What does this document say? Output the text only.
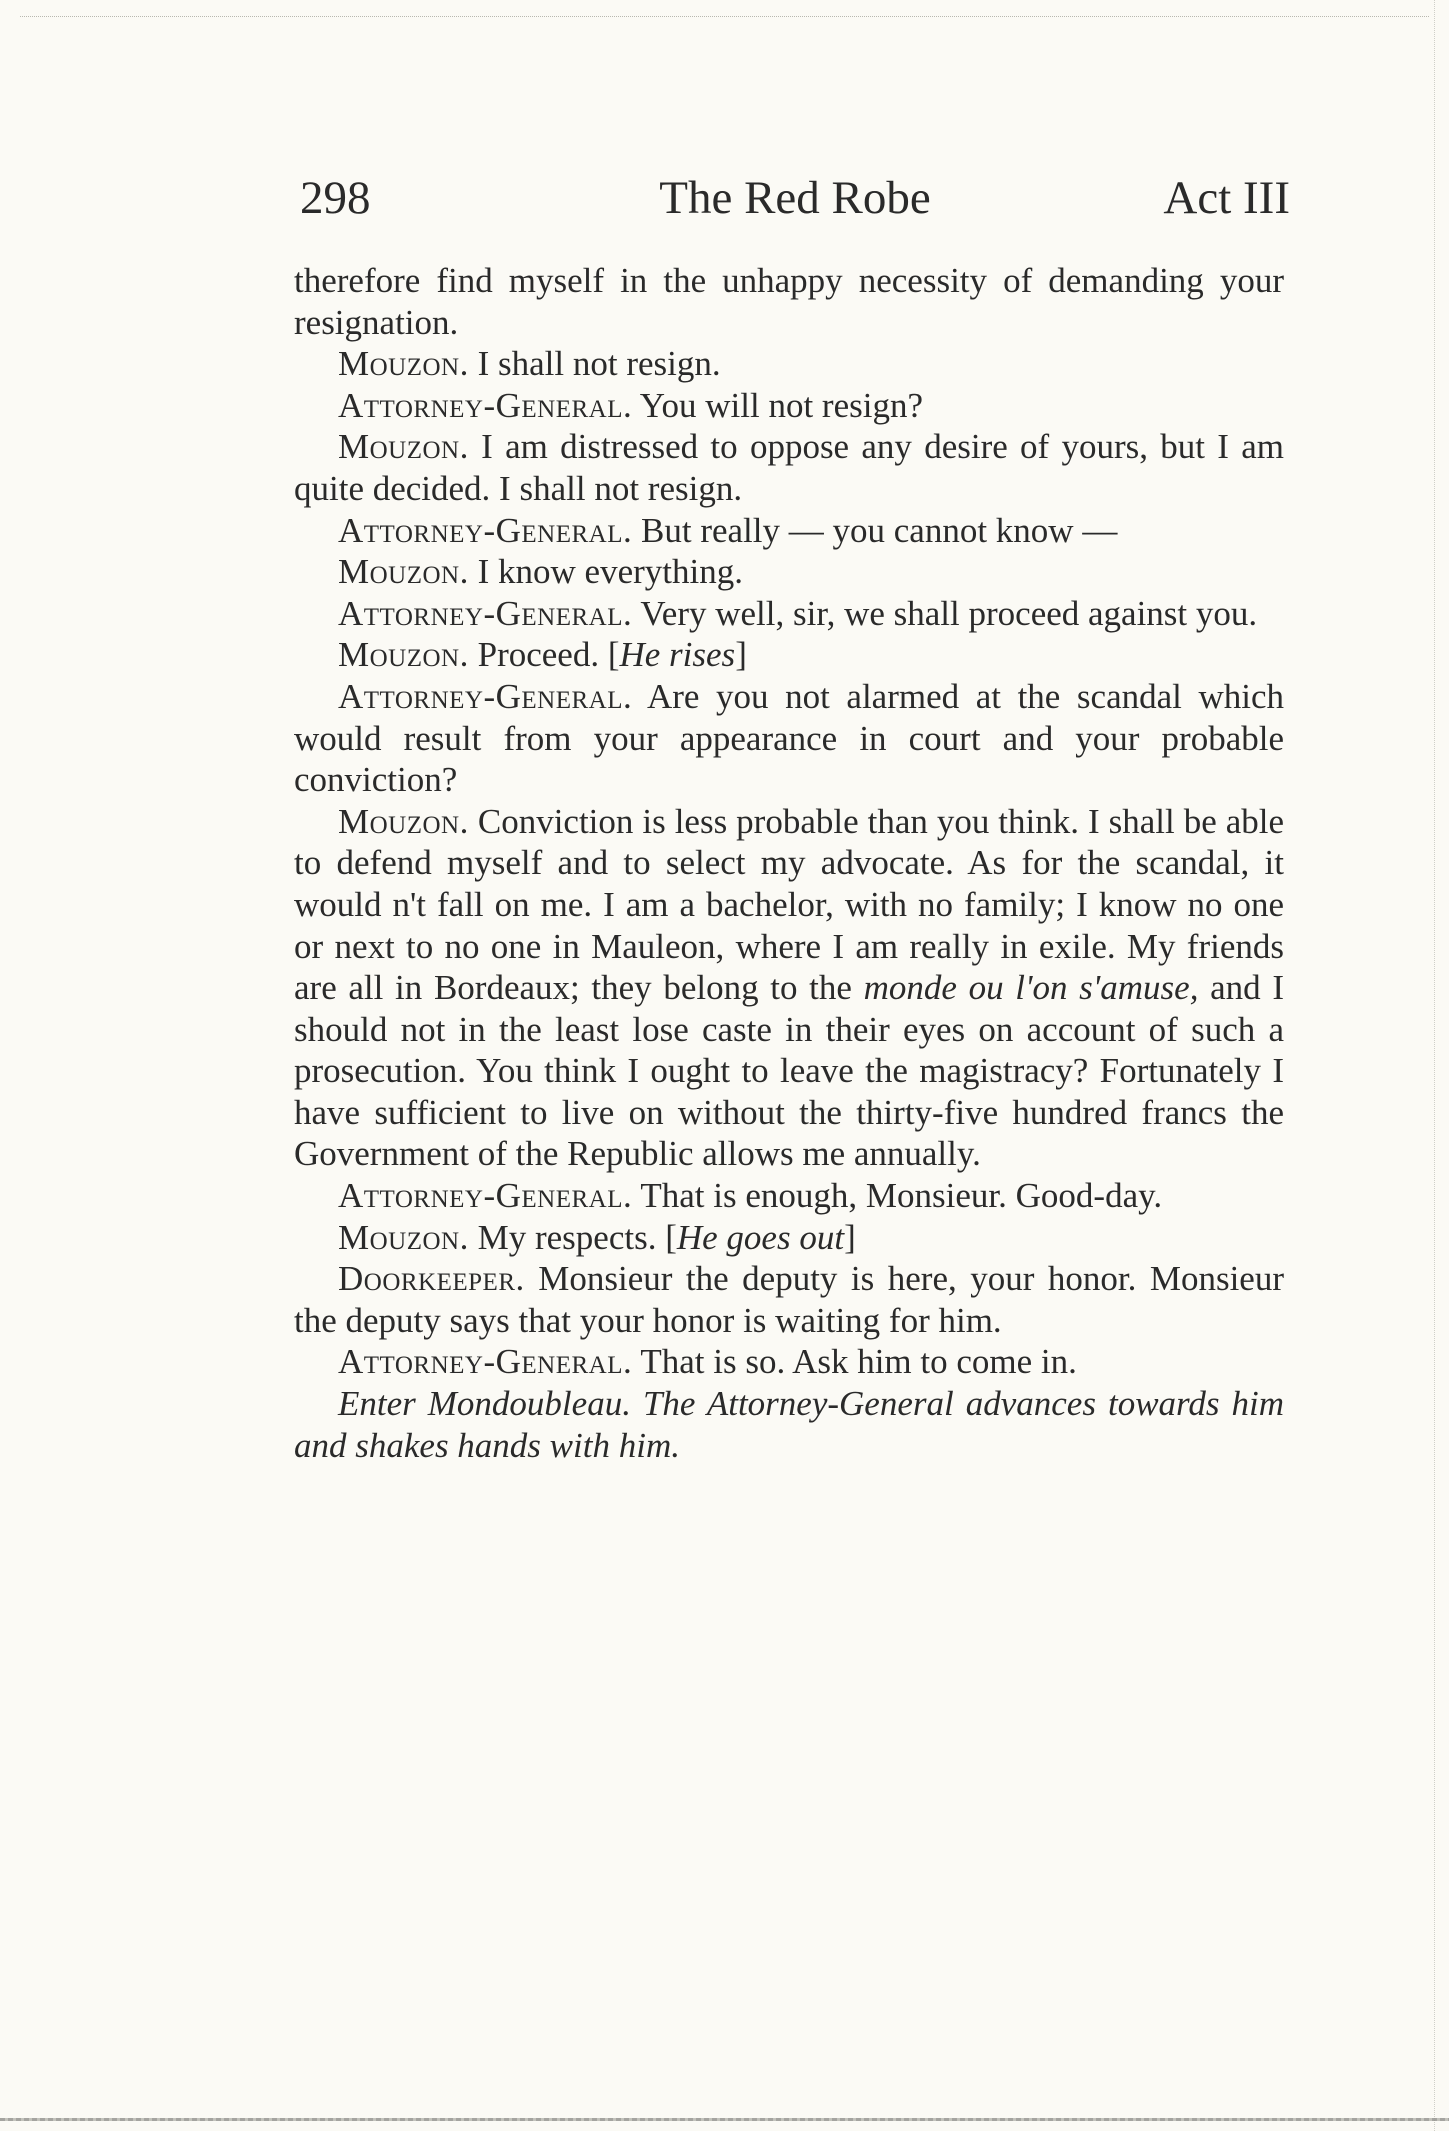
298	The Red Robe	Act III

therefore find myself in the unhappy necessity of demanding your resignation.

Mouzon. I shall not resign.

Attorney-General. You will not resign?

Mouzon. I am distressed to oppose any desire of yours, but I am quite decided. I shall not resign.

Attorney-General. But really — you cannot know —

Mouzon. I know everything.

Attorney-General. Very well, sir, we shall proceed against you.

Mouzon. Proceed. [He rises]

Attorney-General. Are you not alarmed at the scandal which would result from your appearance in court and your probable conviction?

Mouzon. Conviction is less probable than you think. I shall be able to defend myself and to select my advocate. As for the scandal, it would n't fall on me. I am a bachelor, with no family; I know no one or next to no one in Mauleon, where I am really in exile. My friends are all in Bordeaux; they belong to the monde ou l'on s'amuse, and I should not in the least lose caste in their eyes on account of such a prosecution. You think I ought to leave the magistracy? Fortunately I have sufficient to live on without the thirty-five hundred francs the Government of the Republic allows me annually.

Attorney-General. That is enough, Monsieur. Good-day.

Mouzon. My respects. [He goes out]

Doorkeeper. Monsieur the deputy is here, your honor. Monsieur the deputy says that your honor is waiting for him.

Attorney-General. That is so. Ask him to come in.

Enter Mondoubleau. The Attorney-General advances towards him and shakes hands with him.
